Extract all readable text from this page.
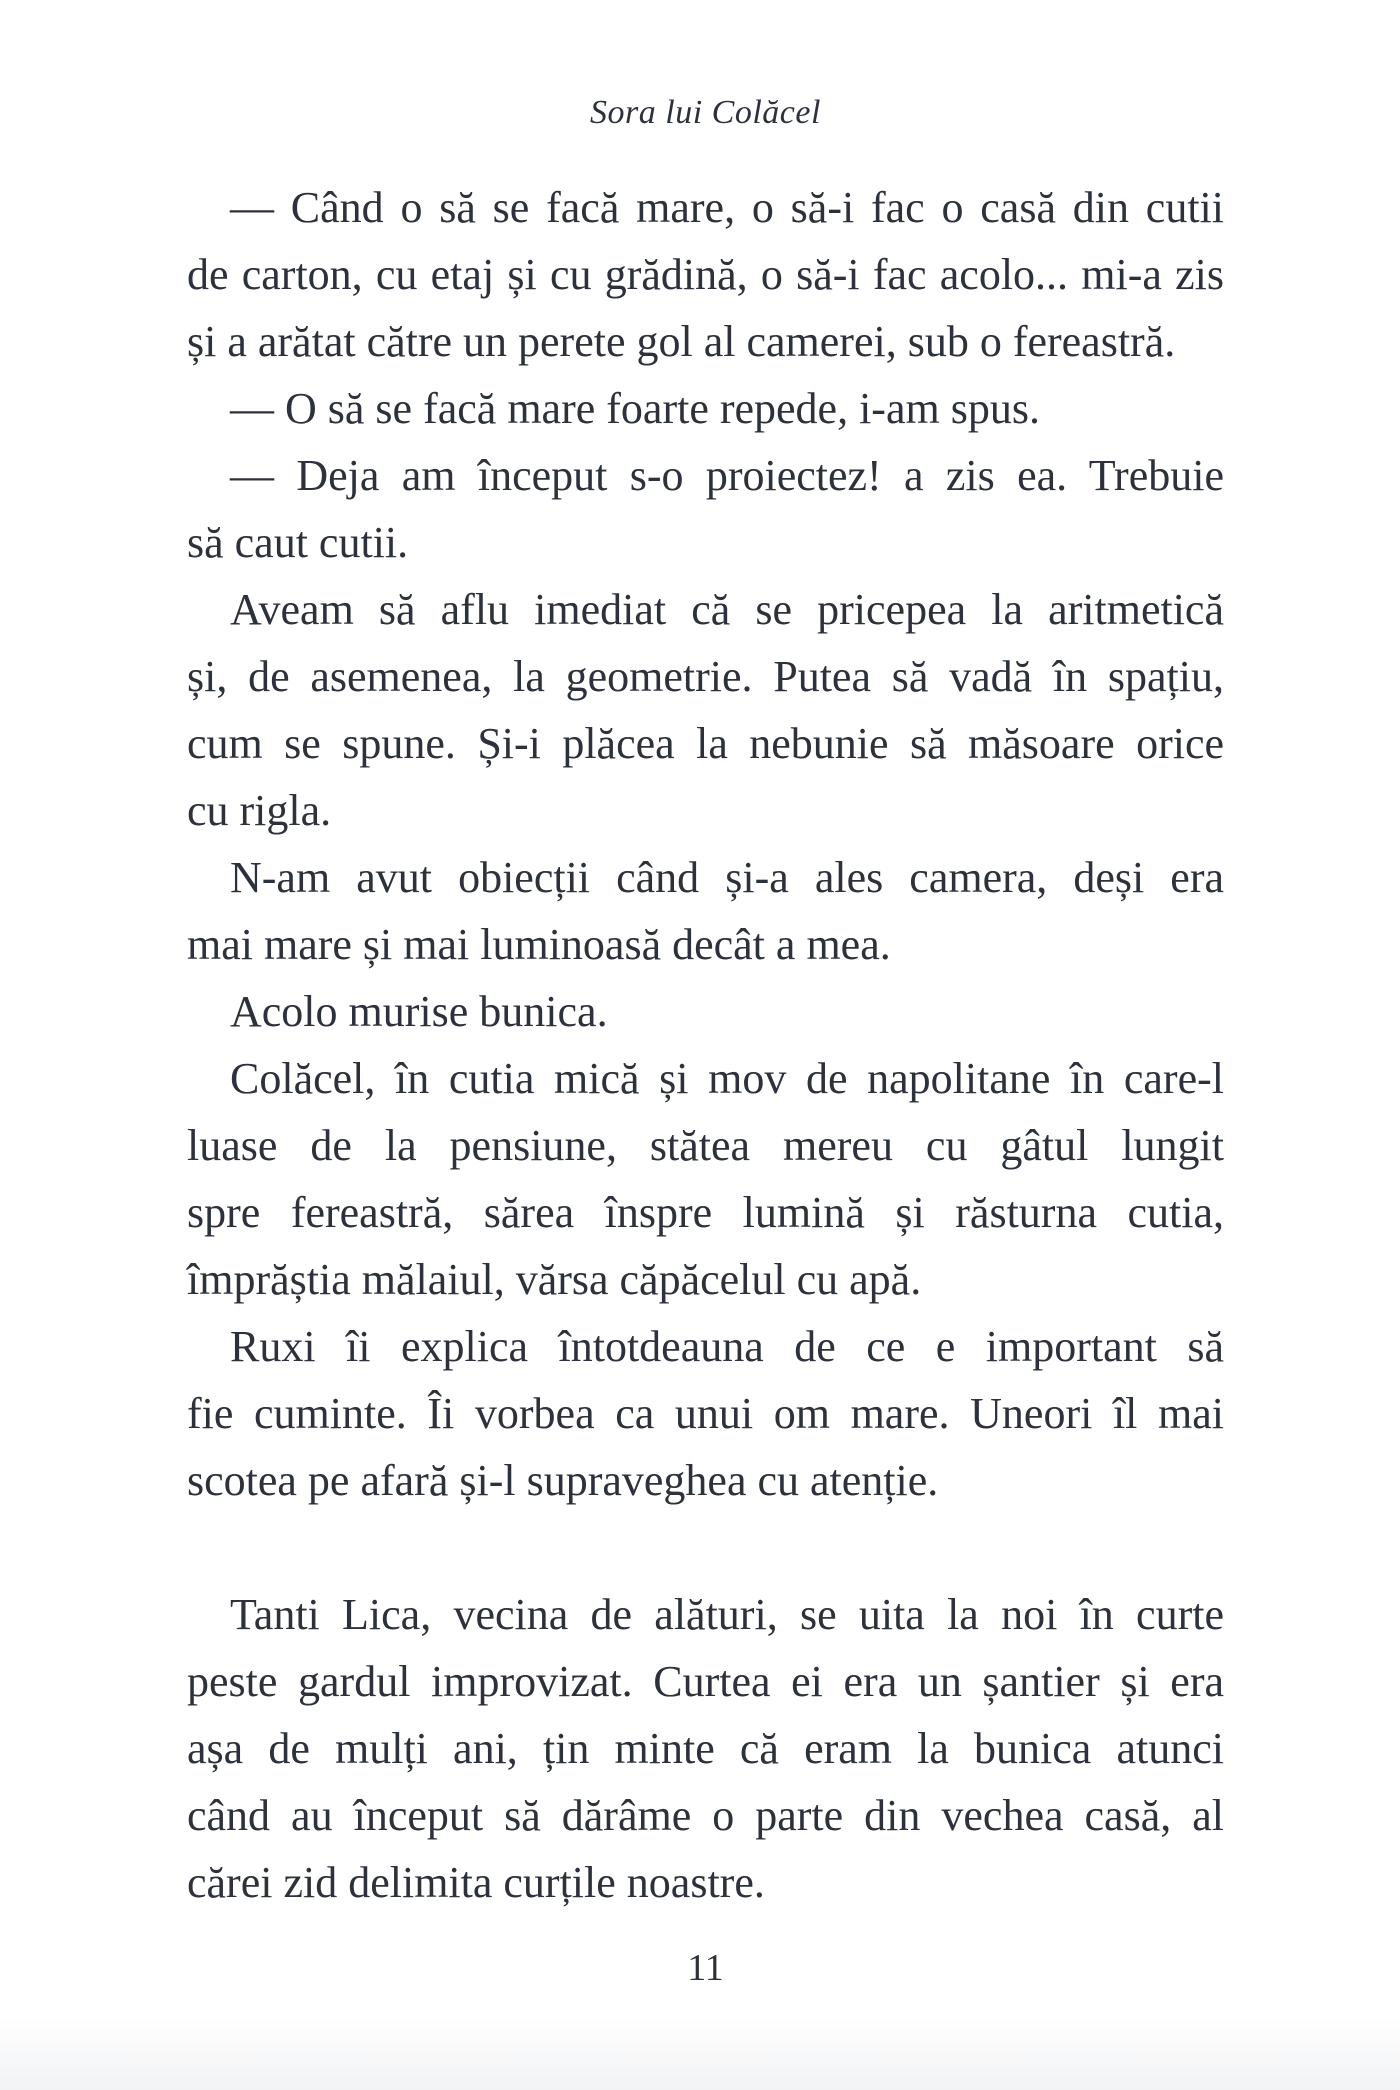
Sora lui Colăcel
— Când o să se facă mare, o să-i fac o casă din cutii
de carton, cu etaj și cu grădină, o să-i fac acolo... mi-a zis
și a arătat către un perete gol al camerei, sub o fereastră.
— O să se facă mare foarte repede, i-am spus.
— Deja am început s-o proiectez! a zis ea. Trebuie
să caut cutii.
Aveam să aflu imediat că se pricepea la aritmetică
și, de asemenea, la geometrie. Putea să vadă în spațiu,
cum se spune. Și-i plăcea la nebunie să măsoare orice
cu rigla.
N-am avut obiecții când și-a ales camera, deși era
mai mare și mai luminoasă decât a mea.
Acolo murise bunica.
Colăcel, în cutia mică și mov de napolitane în care-l
luase de la pensiune, stătea mereu cu gâtul lungit
spre fereastră, sărea înspre lumină și răsturna cutia,
împrăștia mălaiul, vărsa căpăcelul cu apă.
Ruxi îi explica întotdeauna de ce e important să
fie cuminte. Îi vorbea ca unui om mare. Uneori îl mai
scotea pe afară și-l supraveghea cu atenție.
Tanti Lica, vecina de alături, se uita la noi în curte
peste gardul improvizat. Curtea ei era un șantier și era
așa de mulți ani, țin minte că eram la bunica atunci
când au început să dărâme o parte din vechea casă, al
cărei zid delimita curțile noastre.
11
